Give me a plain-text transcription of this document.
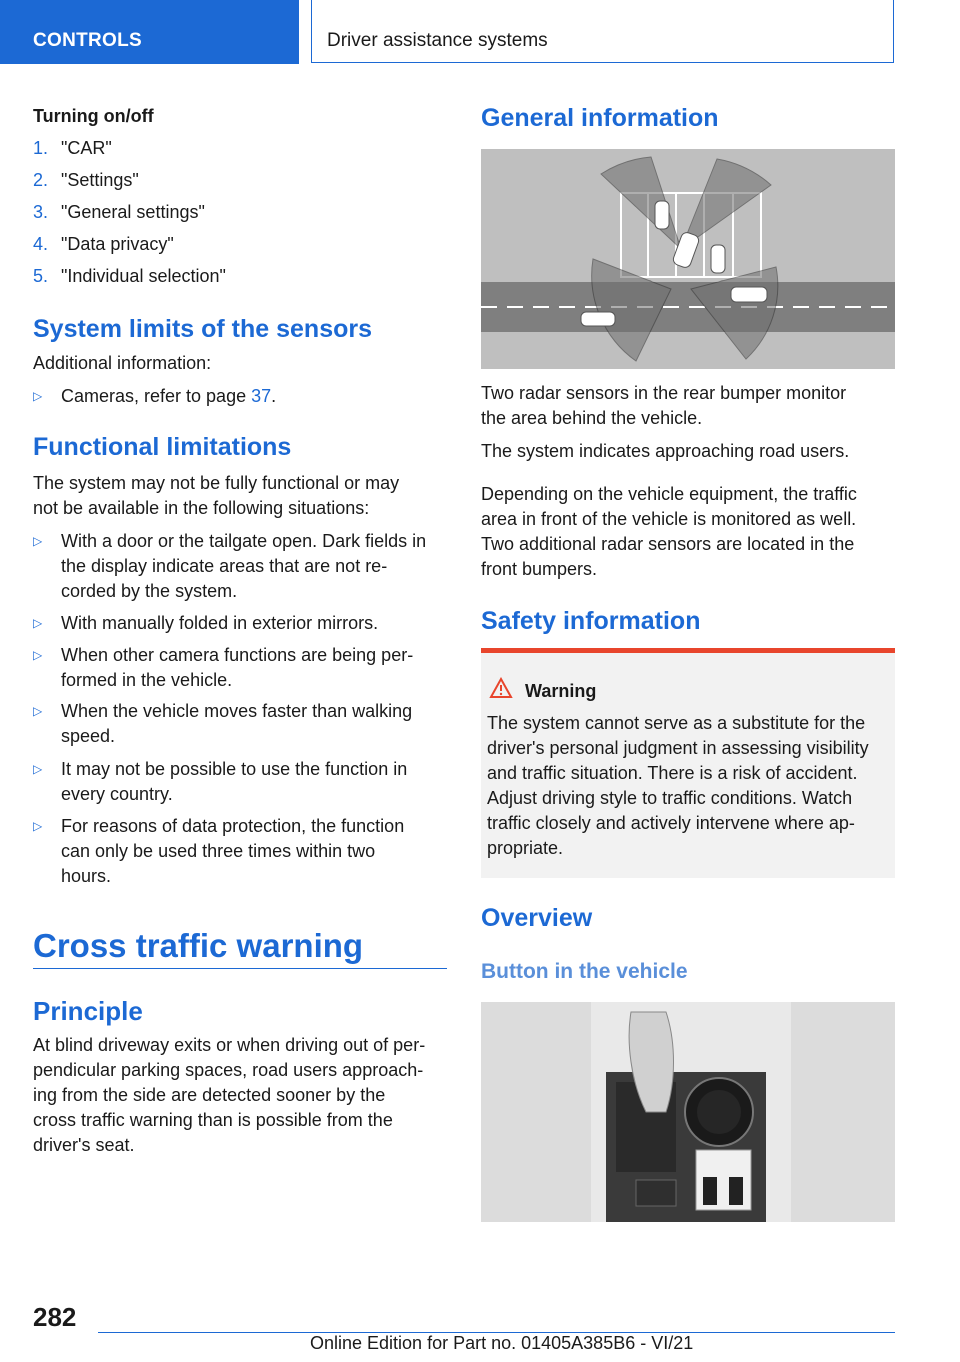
CONTROLS	Driver assistance systems
Turning on/off
1. "CAR"
2. "Settings"
3. "General settings"
4. "Data privacy"
5. "Individual selection"
System limits of the sensors
Additional information:
▷	Cameras, refer to page 37.
Functional limitations
The system may not be fully functional or may
not be available in the following situations:
▷	With a door or the tailgate open. Dark fields in
the display indicate areas that are not re-
corded by the system.
▷	With manually folded in exterior mirrors.
▷	When other camera functions are being per-
formed in the vehicle.
▷	When the vehicle moves faster than walking
speed.
▷	It may not be possible to use the function in
every country.
▷	For reasons of data protection, the function
can only be used three times within two
hours.
Cross traffic warning
Principle
At blind driveway exits or when driving out of per-
pendicular parking spaces, road users approach-
ing from the side are detected sooner by the
cross traffic warning than is possible from the
driver's seat.
General information
Two radar sensors in the rear bumper monitor
the area behind the vehicle.
The system indicates approaching road users.
Depending on the vehicle equipment, the traffic
area in front of the vehicle is monitored as well.
Two additional radar sensors are located in the
front bumpers.
Safety information
Warning
The system cannot serve as a substitute for the
driver's personal judgment in assessing visibility
and traffic situation. There is a risk of accident.
Adjust driving style to traffic conditions. Watch
traffic closely and actively intervene where ap-
propriate.
Overview
Button in the vehicle
282
Online Edition for Part no. 01405A385B6 - VI/21
